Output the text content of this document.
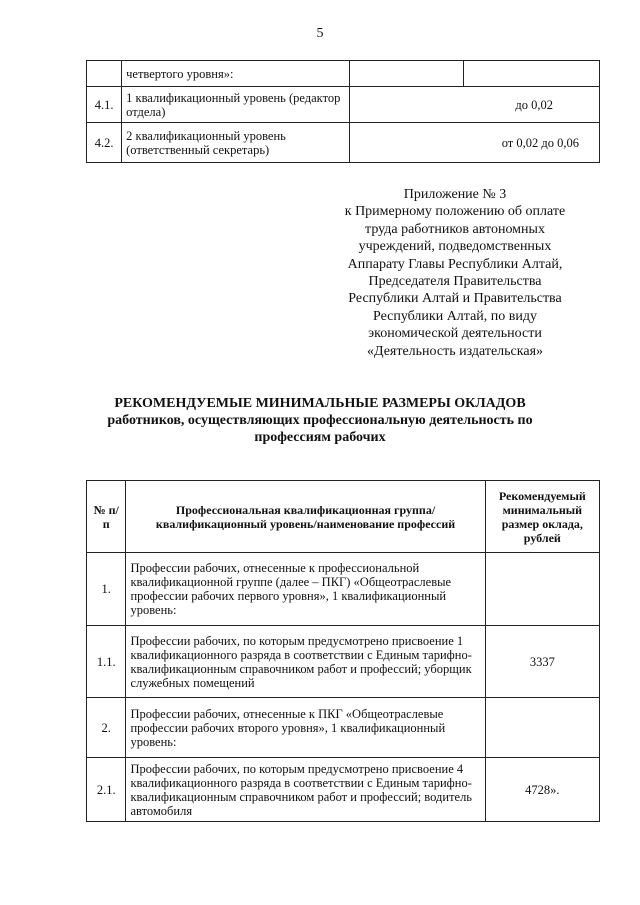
5
	четвертого уровня»:		
4.1.	1 квалификационный уровень (редактор отдела)	до 0,02	
4.2.	2 квалификационный уровень (ответственный секретарь)	от 0,02 до 0,06	
Приложение № 3
к Примерному положению об оплате
труда работников автономных
учреждений, подведомственных
Аппарату Главы Республики Алтай,
Председателя Правительства
Республики Алтай и Правительства
Республики Алтай, по виду
экономической деятельности
«Деятельность издательская»
РЕКОМЕНДУЕМЫЕ МИНИМАЛЬНЫЕ РАЗМЕРЫ ОКЛАДОВ
работников, осуществляющих профессиональную деятельность по
профессиям рабочих
№ п/п	Профессиональная квалификационная группа/квалификационный уровень/наименование профессий	Рекомендуемый минимальный размер оклада, рублей
1.	Профессии рабочих, отнесенные к профессиональной квалификационной группе (далее – ПКГ) «Общеотраслевые профессии рабочих первого уровня», 1 квалификационный уровень:	
1.1.	Профессии рабочих, по которым предусмотрено присвоение 1 квалификационного разряда в соответствии с Единым тарифно-квалификационным справочником работ и профессий; уборщик служебных помещений	3337
2.	Профессии рабочих, отнесенные к ПКГ «Общеотраслевые профессии рабочих второго уровня», 1 квалификационный уровень:	
2.1.	Профессии рабочих, по которым предусмотрено присвоение 4 квалификационного разряда в соответствии с Единым тарифно-квалификационным справочником работ и профессий; водитель автомобиля	4728».
